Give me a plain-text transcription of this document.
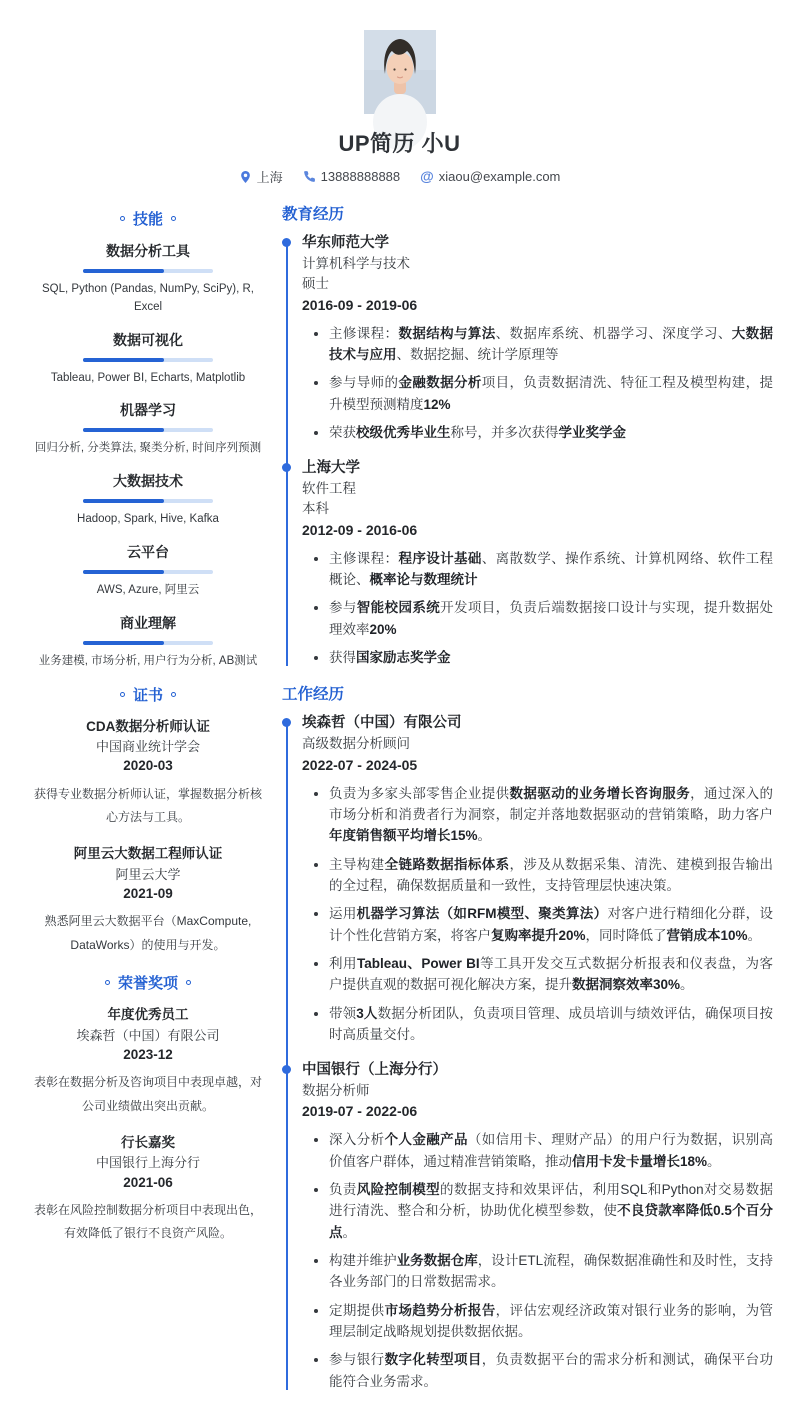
UP简历 小U
上海	13888888888 @ xiaou@example.com
技能
数据分析工具
SQL, Python (Pandas, NumPy, SciPy), R, Excel
数据可视化
Tableau, Power BI, Echarts, Matplotlib
机器学习
回归分析, 分类算法, 聚类分析, 时间序列预测
大数据技术
Hadoop, Spark, Hive, Kafka
云平台
AWS, Azure, 阿里云
商业理解
业务建模, 市场分析, 用户行为分析, AB测试
证书
CDA数据分析师认证
中国商业统计学会
2020-03
获得专业数据分析师认证，掌握数据分析核心方法与工具。
阿里云大数据工程师认证
阿里云大学
2021-09
熟悉阿里云大数据平台（MaxCompute, DataWorks）的使用与开发。
荣誉奖项
年度优秀员工
埃森哲（中国）有限公司
2023-12
表彰在数据分析及咨询项目中表现卓越，对公司业绩做出突出贡献。
行长嘉奖
中国银行上海分行
2021-06
表彰在风险控制数据分析项目中表现出色，有效降低了银行不良资产风险。
教育经历
华东师范大学
计算机科学与技术
硕士
2016-09 - 2019-06
• 主修课程：数据结构与算法、数据库系统、机器学习、深度学习、大数据技术与应用、数据挖掘、统计学原理等
• 参与导师的金融数据分析项目，负责数据清洗、特征工程及模型构建，提升模型预测精度12%
• 荣获校级优秀毕业生称号，并多次获得学业奖学金
上海大学
软件工程
本科
2012-09 - 2016-06
• 主修课程：程序设计基础、离散数学、操作系统、计算机网络、软件工程概论、概率论与数理统计
• 参与智能校园系统开发项目，负责后端数据接口设计与实现，提升数据处理效率20%
• 获得国家励志奖学金
工作经历
埃森哲（中国）有限公司
高级数据分析顾问
2022-07 - 2024-05
• 负责为多家头部零售企业提供数据驱动的业务增长咨询服务，通过深入的市场分析和消费者行为洞察，制定并落地数据驱动的营销策略，助力客户年度销售额平均增长15%。
• 主导构建全链路数据指标体系，涉及从数据采集、清洗、建模到报告输出的全过程，确保数据质量和一致性，支持管理层快速决策。
• 运用机器学习算法（如RFM模型、聚类算法）对客户进行精细化分群，设计个性化营销方案，将客户复购率提升20%，同时降低了营销成本10%。
• 利用Tableau、Power BI等工具开发交互式数据分析报表和仪表盘，为客户提供直观的数据可视化解决方案，提升数据洞察效率30%。
• 带领3人数据分析团队，负责项目管理、成员培训与绩效评估，确保项目按时高质量交付。
中国银行（上海分行）
数据分析师
2019-07 - 2022-06
• 深入分析个人金融产品（如信用卡、理财产品）的用户行为数据，识别高价值客户群体，通过精准营销策略，推动信用卡发卡量增长18%。
• 负责风险控制模型的数据支持和效果评估，利用SQL和Python对交易数据进行清洗、整合和分析，协助优化模型参数，使不良贷款率降低0.5个百分点。
• 构建并维护业务数据仓库，设计ETL流程，确保数据准确性和及时性，支持各业务部门的日常数据需求。
• 定期提供市场趋势分析报告，评估宏观经济政策对银行业务的影响，为管理层制定战略规划提供数据依据。
• 参与银行数字化转型项目，负责数据平台的需求分析和测试，确保平台功能符合业务需求。
